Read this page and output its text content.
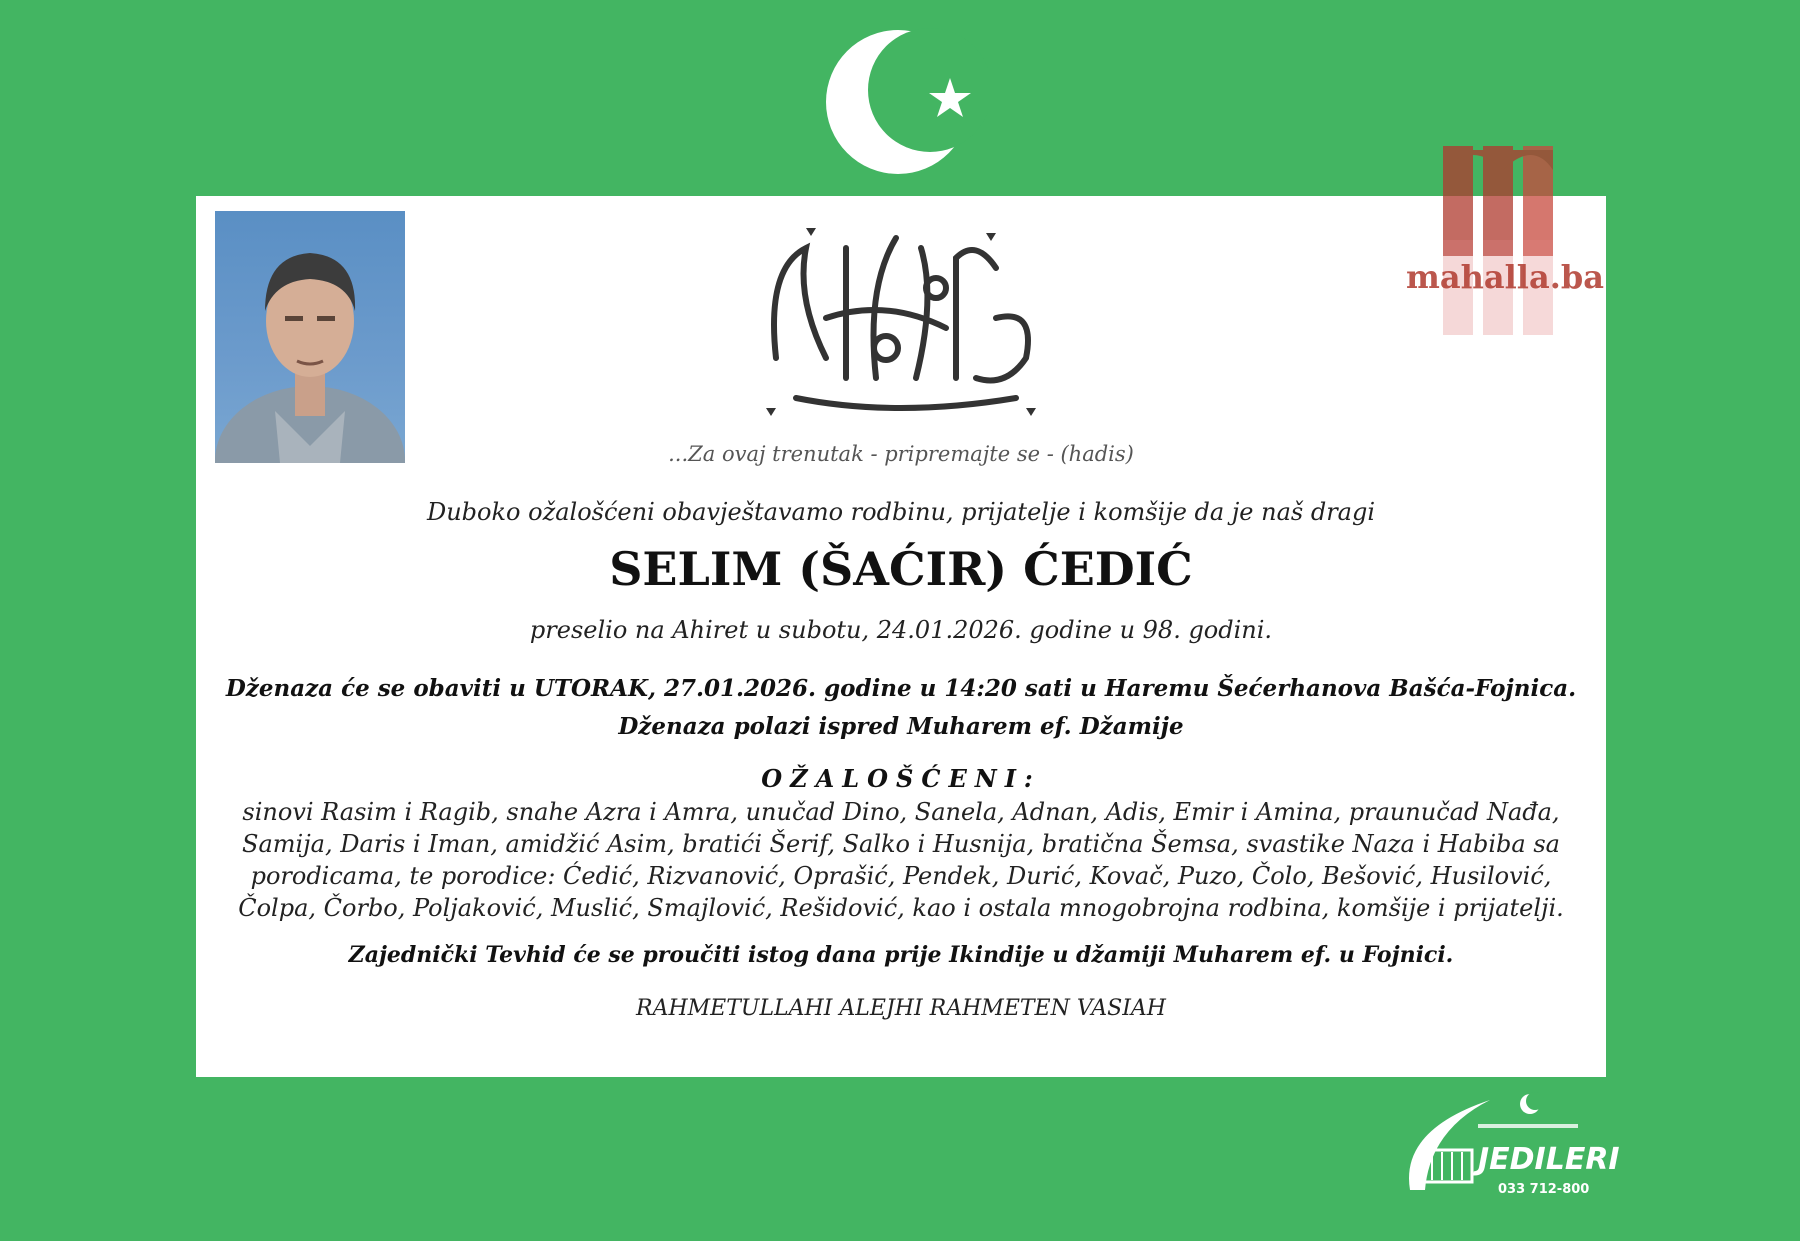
...Za ovaj trenutak - pripremajte se - (hadis)
Duboko ožalošćeni obavještavamo rodbinu, prijatelje i komšije da je naš dragi
SELIM (ŠAĆIR) ĆEDIĆ
preselio na Ahiret u subotu, 24.01.2026. godine u 98. godini.
Dženaza će se obaviti u UTORAK, 27.01.2026. godine u 14:20 sati u Haremu Šećerhanova Bašća-Fojnica.
Dženaza polazi ispred Muharem ef. Džamije
OŽALOŠĆENI:
sinovi Rasim i Ragib, snahe Azra i Amra, unučad Dino, Sanela, Adnan, Adis, Emir i Amina, praunučad Nađa,
Samija, Daris i Iman, amidžić Asim, bratići Šerif, Salko i Husnija, bratična Šemsa, svastike Naza i Habiba sa
porodicama, te porodice: Ćedić, Rizvanović, Oprašić, Pendek, Durić, Kovač, Puzo, Čolo, Bešović, Husilović,
Čolpa, Čorbo, Poljaković, Muslić, Smajlović, Rešidović, kao i ostala mnogobrojna rodbina, komšije i prijatelji.
Zajednički Tevhid će se proučiti istog dana prije Ikindije u džamiji Muharem ef. u Fojnici.
RAHMETULLAHI ALEJHI RAHMETEN VASIAH
mahalla.ba
JEDILERI
033 712-800
